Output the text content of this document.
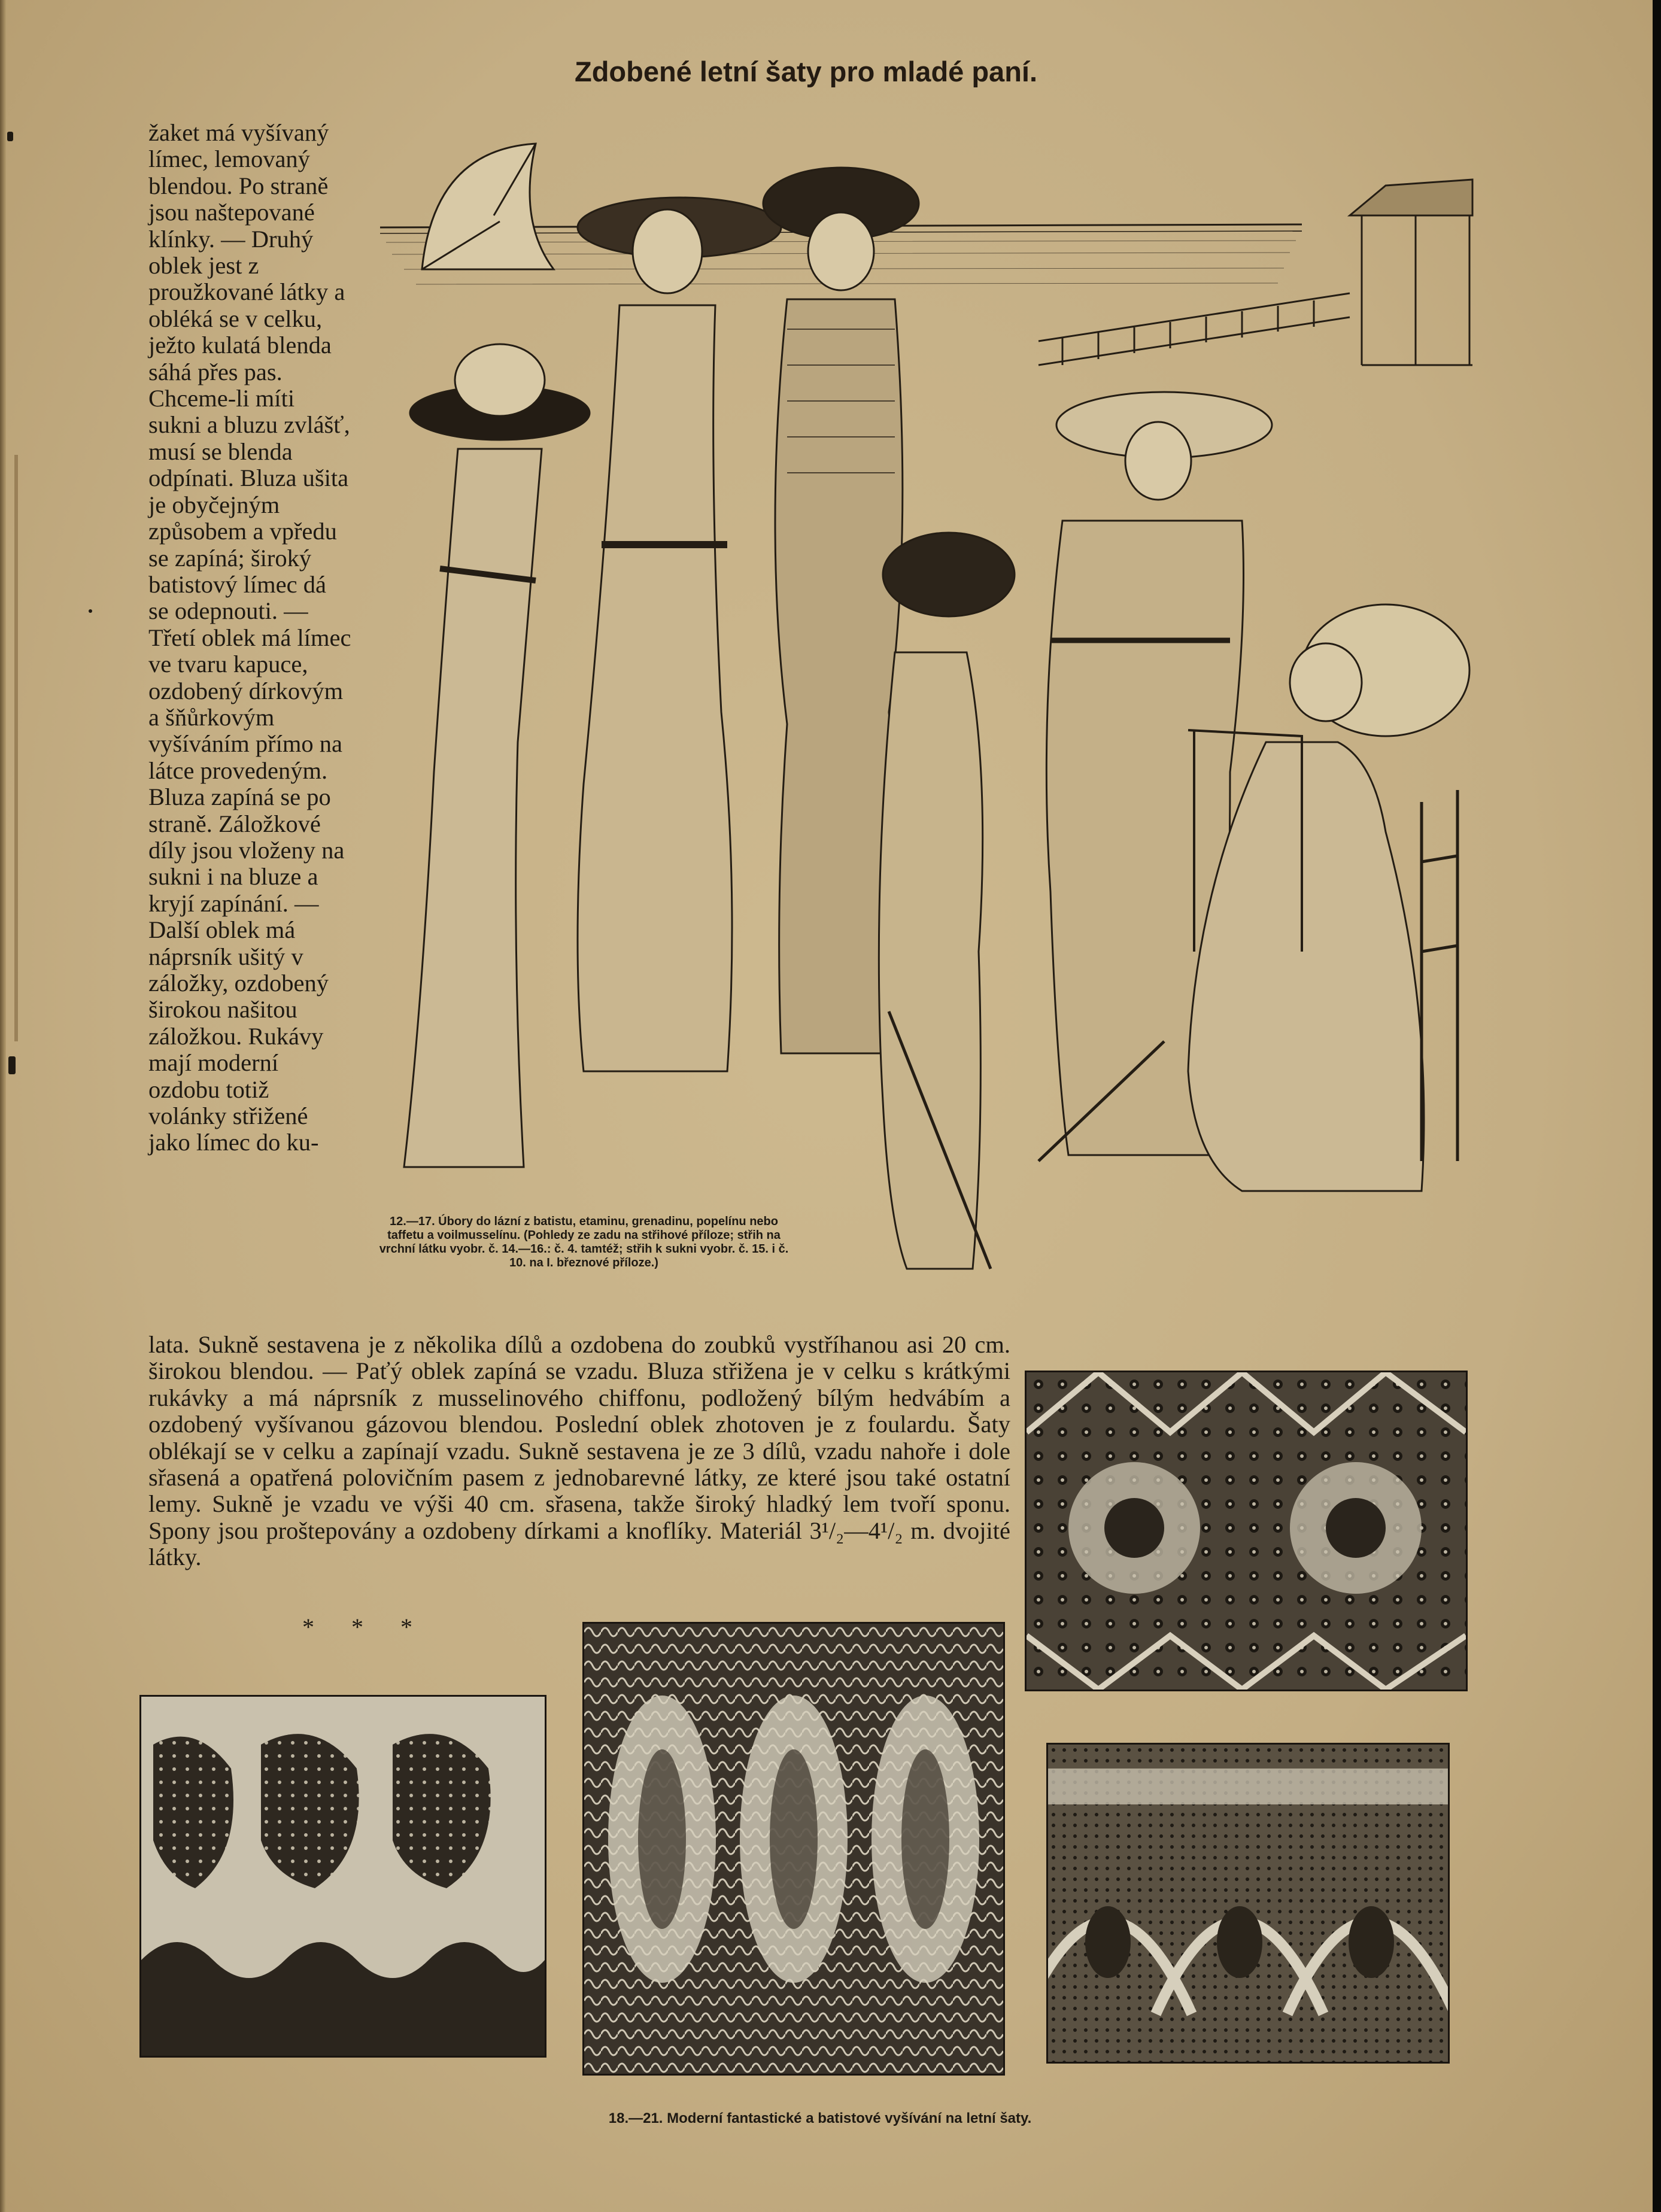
Zdobené letní šaty pro mladé paní.

žaket má vyšívaný límec, lemovaný blendou. Po straně jsou naštepované klínky. — Druhý oblek jest z proužkované látky a obléká se v celku, ježto kulatá blenda sáhá přes pas. Chceme-li míti sukni a bluzu zvlášť, musí se blenda odpínati. Bluza ušita je obyčejným způsobem a vpředu se zapíná; široký batistový límec dá se odepnouti. — Třetí oblek má límec ve tvaru kapuce, ozdobený dírkovým a šňůrkovým vyšíváním přímo na látce provedeným. Bluza zapíná se po straně. Záložkové díly jsou vloženy na sukni i na bluze a kryjí zapínání. — Další oblek má náprsník ušitý v záložky, ozdobený širokou našitou záložkou. Rukávy mají moderní ozdobu totiž volánky střižené jako límec do ku-

12.—17. Úbory do lázní z batistu, etaminu, grenadinu, popelínu nebo taffetu a voilmusselínu. (Pohledy ze zadu na střihové příloze; střih na vrchní látku vyobr. č. 14.—16.: č. 4. tamtéž; střih k sukni vyobr. č. 15. i č. 10. na I. březnové příloze.)

lata. Sukně sestavena je z několika dílů a ozdobena do zoubků vystříhanou asi 20 cm. širokou blendou. — Paťý oblek zapíná se vzadu. Bluza střižena je v celku s krátkými rukávky a má náprsník z musselinového chiffonu, podložený bílým hedvábím a ozdobený vyšívanou gázovou blendou. Poslední oblek zhotoven je z foulardu. Šaty oblékají se v celku a zapínají vzadu. Sukně sestavena je ze 3 dílů, vzadu nahoře i dole sřasená a opatřená polovičním pasem z jednobarevné látky, ze které jsou také ostatní lemy. Sukně je vzadu ve výši 40 cm. sřasena, takže široký hladký lem tvoří sponu. Spony jsou proštepovány a ozdobeny dírkami a knoflíky. Materiál 3¹/₂—4¹/₂ m. dvojité látky.

* * *
18.—21. Moderní fantastické a batistové vyšívání na letní šaty.
